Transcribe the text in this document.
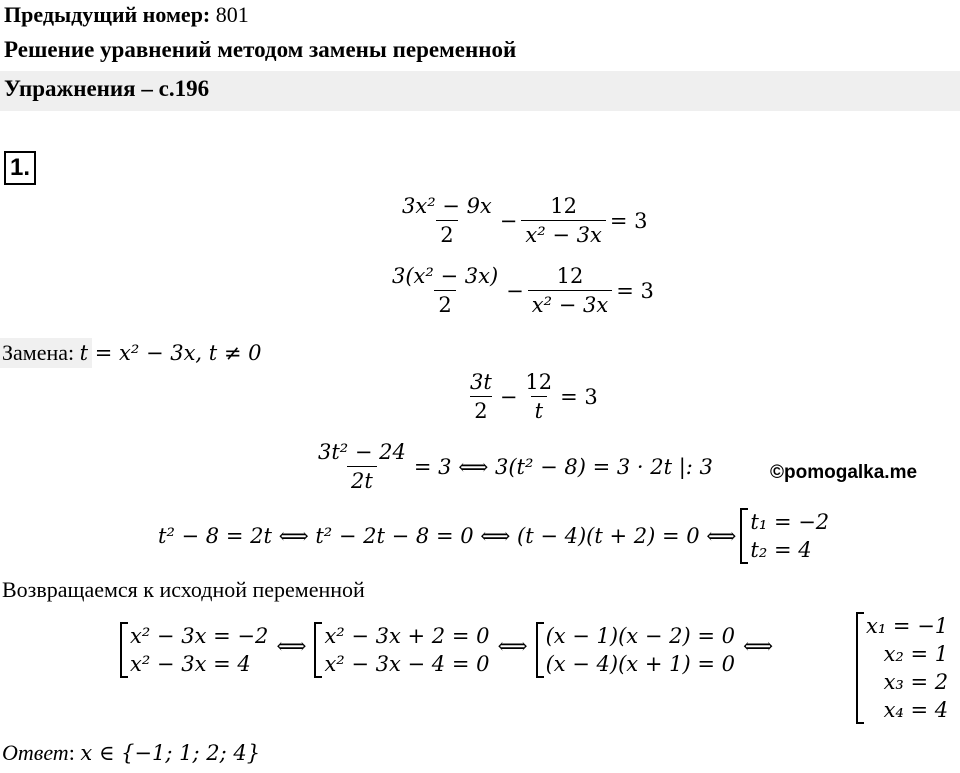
Предыдущий номер: 801
Решение уравнений методом замены переменной
Упражнения – с.196
1.
$\frac{\text{3x² − 9x}}{2} - \frac{12}{\text{x² − 3x}} = 3$
$\frac{\text{3(x² − 3x)}}{2} - \frac{12}{\text{x² − 3x}} = 3$
Замена: t = x² − 3x, t ≠ 0
$\frac{3t}{2} - \frac{12}{t} = 3$
$\frac{\text{3t² − 24}}{2t} = 3$ ⟺ 3(t² − 8) = 3 · 2t |: 3	©pomogalka.me
t² − 8 = 2t ⟺ t² − 2t − 8 = 0 ⟺ (t − 4)(t + 2) = 0 ⟺
t₁ = −2
t₂ = 4
Возвращаемся к исходной переменной
x² − 3x = −2
x² − 3x = 4
⟺ x² − 3x + 2 = 0
x² − 3x − 4 = 0
⟺ (x − 1)(x − 2) = 0
(x − 4)(x + 1) = 0
⟺
x₁ = −1
x₂ = 1
x₃ = 2
x₄ = 4
Ответ: x ∈ {−1; 1; 2; 4}
